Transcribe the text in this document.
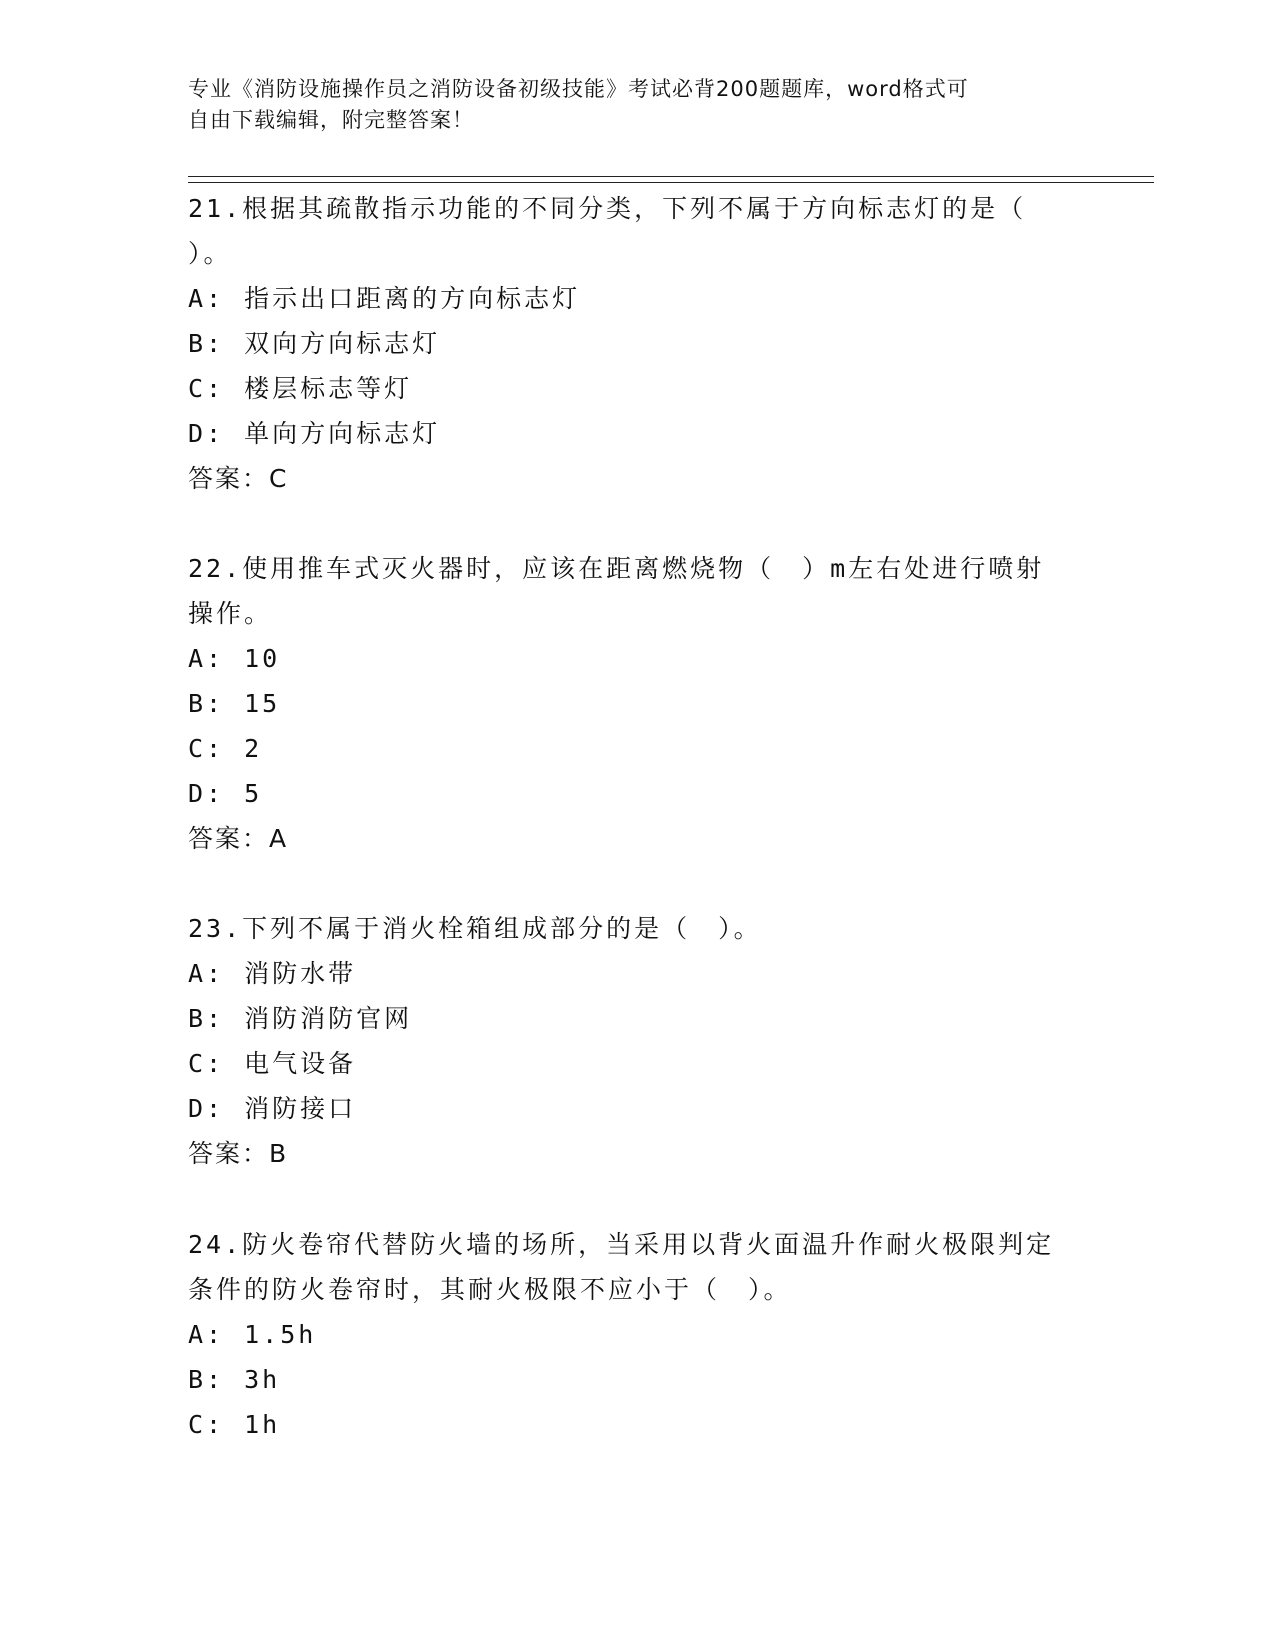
专业《消防设施操作员之消防设备初级技能》考试必背200题题库，word格式可
自由下载编辑，附完整答案！
21.根据其疏散指示功能的不同分类，下列不属于方向标志灯的是（
）。
A: 指示出口距离的方向标志灯
B: 双向方向标志灯
C: 楼层标志等灯
D: 单向方向标志灯
答案：C
22.使用推车式灭火器时，应该在距离燃烧物（　）m左右处进行喷射
操作。
A: 10
B: 15
C: 2
D: 5
答案：A
23.下列不属于消火栓箱组成部分的是（　）。
A: 消防水带
B: 消防消防官网
C: 电气设备
D: 消防接口
答案：B
24.防火卷帘代替防火墙的场所，当采用以背火面温升作耐火极限判定
条件的防火卷帘时，其耐火极限不应小于（　）。
A: 1.5h
B: 3h
C: 1h
